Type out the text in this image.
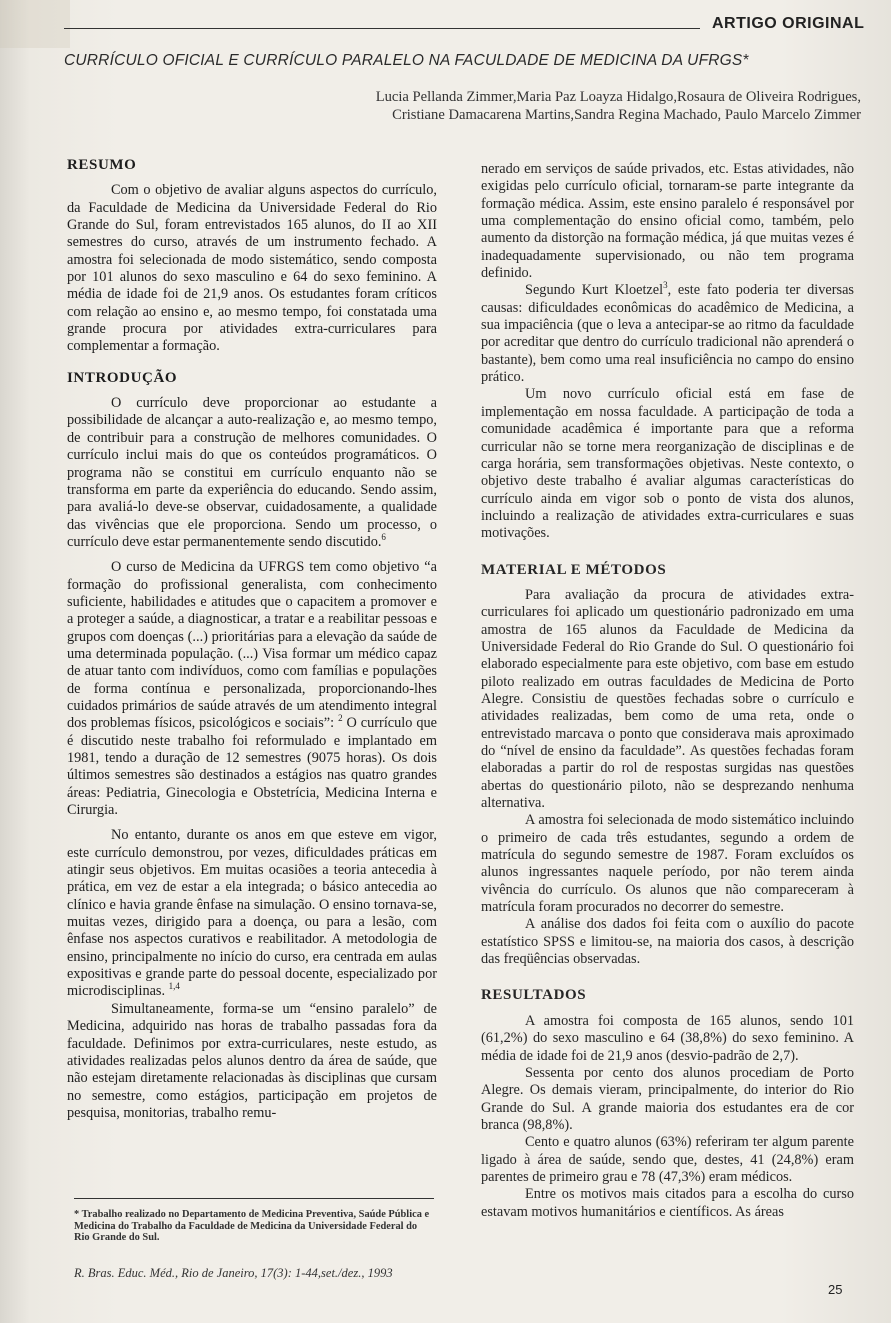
ARTIGO ORIGINAL
CURRÍCULO OFICIAL E CURRÍCULO PARALELO NA FACULDADE DE MEDICINA DA UFRGS*
Lucia Pellanda Zimmer,Maria Paz Loayza Hidalgo,Rosaura de Oliveira Rodrigues,
Cristiane Damacarena Martins,Sandra Regina Machado, Paulo Marcelo Zimmer
RESUMO

Com o objetivo de avaliar alguns aspectos do currículo, da Faculdade de Medicina da Universidade Federal do Rio Grande do Sul, foram entrevistados 165 alunos, do II ao XII semestres do curso, através de um instrumento fechado. A amostra foi selecionada de modo sistemático, sendo composta por 101 alunos do sexo masculino e 64 do sexo feminino. A média de idade foi de 21,9 anos. Os estudantes foram críticos com relação ao ensino e, ao mesmo tempo, foi constatada uma grande procura por atividades extra-curriculares para complementar a formação.

INTRODUÇÃO

O currículo deve proporcionar ao estudante a possibilidade de alcançar a auto-realização e, ao mesmo tempo, de contribuir para a construção de melhores comunidades. O currículo inclui mais do que os conteúdos programáticos. O programa não se constitui em currículo enquanto não se transforma em parte da experiência do educando. Sendo assim, para avaliá-lo deve-se observar, cuidadosamente, a qualidade das vivências que ele proporciona. Sendo um processo, o currículo deve estar permanentemente sendo discutido.$^6$

O curso de Medicina da UFRGS tem como objetivo “a formação do profissional generalista, com conhecimento suficiente, habilidades e atitudes que o capacitem a promover e a proteger a saúde, a diagnosticar, a tratar e a reabilitar pessoas e grupos com doenças (...) prioritárias para a elevação da saúde de uma determinada população. (...) Visa formar um médico capaz de atuar tanto com indivíduos, como com famílias e populações de forma contínua e personalizada, proporcionando-lhes cuidados primários de saúde através de um atendimento integral dos problemas físicos, psicológicos e sociais”: $^2$ O currículo que é discutido neste trabalho foi reformulado e implantado em 1981, tendo a duração de 12 semestres (9075 horas). Os dois últimos semestres são destinados a estágios nas quatro grandes áreas: Pediatria, Ginecologia e Obstetrícia, Medicina Interna e Cirurgia.

No entanto, durante os anos em que esteve em vigor, este currículo demonstrou, por vezes, dificuldades práticas em atingir seus objetivos. Em muitas ocasiões a teoria antecedia à prática, em vez de estar a ela integrada; o básico antecedia ao clínico e havia grande ênfase na simulação. O ensino tornava-se, muitas vezes, dirigido para a doença, ou para a lesão, com ênfase nos aspectos curativos e reabilitador. A metodologia de ensino, principalmente no início do curso, era centrada em aulas expositivas e grande parte do pessoal docente, especializado por microdisciplinas. $^{1,4}$

Simultaneamente, forma-se um “ensino paralelo” de Medicina, adquirido nas horas de trabalho passadas fora da faculdade. Definimos por extra-curriculares, neste estudo, as atividades realizadas pelos alunos dentro da área de saúde, que não estejam diretamente relacionadas às disciplinas que cursam no semestre, como estágios, participação em projetos de pesquisa, monitorias, trabalho remu-

* Trabalho realizado no Departamento de Medicina Preventiva, Saúde Pública e Medicina do Trabalho da Faculdade de Medicina da Universidade Federal do Rio Grande do Sul.
R. Bras. Educ. Méd., Rio de Janeiro, 17(3): 1-44,set./dez., 1993

nerado em serviços de saúde privados, etc. Estas atividades, não exigidas pelo currículo oficial, tornaram-se parte integrante da formação médica. Assim, este ensino paralelo é responsável por uma complementação do ensino oficial como, também, pelo aumento da distorção na formação médica, já que muitas vezes é inadequadamente supervisionado, ou não tem programa definido.

Segundo Kurt Kloetzel$^3$, este fato poderia ter diversas causas: dificuldades econômicas do acadêmico de Medicina, a sua impaciência (que o leva a antecipar-se ao ritmo da faculdade por acreditar que dentro do currículo tradicional não aprenderá o bastante), bem como uma real insuficiência no campo do ensino prático.

Um novo currículo oficial está em fase de implementação em nossa faculdade. A participação de toda a comunidade acadêmica é importante para que a reforma curricular não se torne mera reorganização de disciplinas e de carga horária, sem transformações objetivas. Neste contexto, o objetivo deste trabalho é avaliar algumas características do currículo ainda em vigor sob o ponto de vista dos alunos, incluindo a realização de atividades extra-curriculares e suas motivações.

MATERIAL E MÉTODOS

Para avaliação da procura de atividades extra-curriculares foi aplicado um questionário padronizado em uma amostra de 165 alunos da Faculdade de Medicina da Universidade Federal do Rio Grande do Sul. O questionário foi elaborado especialmente para este objetivo, com base em estudo piloto realizado em outras faculdades de Medicina de Porto Alegre. Consistiu de questões fechadas sobre o currículo e atividades realizadas, bem como de uma reta, onde o entrevistado marcava o ponto que considerava mais aproximado do “nível de ensino da faculdade”. As questões fechadas foram elaboradas a partir do rol de respostas surgidas nas questões abertas do questionário piloto, não se desprezando nenhuma alternativa.

A amostra foi selecionada de modo sistemático incluindo o primeiro de cada três estudantes, segundo a ordem de matrícula do segundo semestre de 1987. Foram excluídos os alunos ingressantes naquele período, por não terem ainda vivência do currículo. Os alunos que não compareceram à matrícula foram procurados no decorrer do semestre.

A análise dos dados foi feita com o auxílio do pacote estatístico SPSS e limitou-se, na maioria dos casos, à descrição das freqüências observadas.

RESULTADOS

A amostra foi composta de 165 alunos, sendo 101 (61,2%) do sexo masculino e 64 (38,8%) do sexo feminino. A média de idade foi de 21,9 anos (desvio-padrão de 2,7).

Sessenta por cento dos alunos procediam de Porto Alegre. Os demais vieram, principalmente, do interior do Rio Grande do Sul. A grande maioria dos estudantes era de cor branca (98,8%).

Cento e quatro alunos (63%) referiram ter algum parente ligado à área de saúde, sendo que, destes, 41 (24,8%) eram parentes de primeiro grau e 78 (47,3%) eram médicos.

Entre os motivos mais citados para a escolha do curso estavam motivos humanitários e científicos. As áreas

25
